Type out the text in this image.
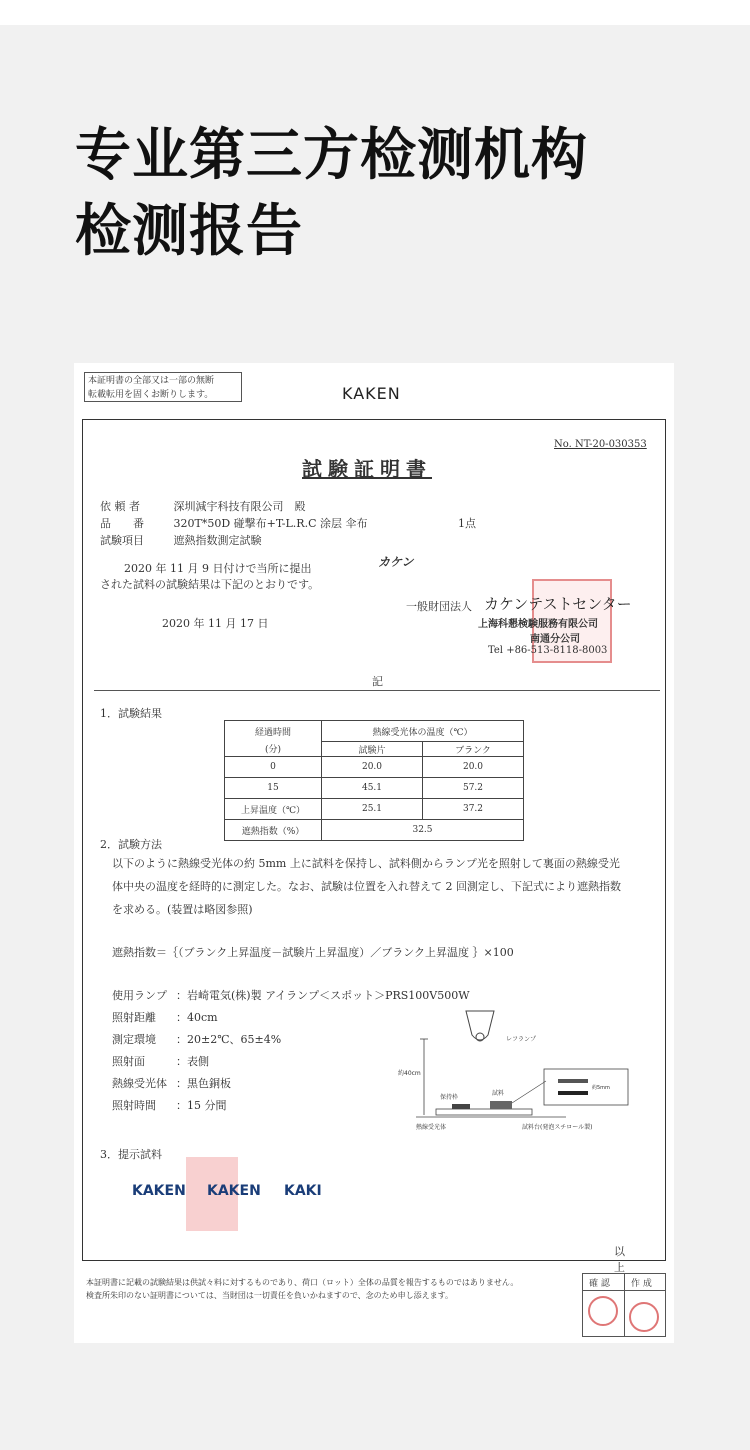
专业第三方检测机构
检测报告
本証明書の全部又は一部の無断
転載転用を固くお断りします。	KAKEN
No. NT-20-030353
試験証明書
依 頼 者	深圳減宇科技有限公司　殿
品　　番	320T*50D 碰撃布+T-L.R.C 涂层 伞布	1点
試験項目	遮熱指数測定試験
2020 年 11 月 9 日付けで当所に提出
された試料の試験結果は下記のとおりです。
カケン
一般財団法人 カケンテストセンター
2020 年 11 月 17 日	上海科懇検験服務有限公司
南通分公司
Tel +86-513-8118-8003
記
1．試験結果
経過時間	熱線受光体の温度（℃）	
(分)	試験片	ブランク
0	20.0	20.0
15	45.1	57.2
上昇温度（℃）	25.1	37.2
遮熱指数（%）	32.5	
2．試験方法
以下のように熱線受光体の約 5mm 上に試料を保持し、試料側からランプ光を照射して裏面の熱線受光
体中央の温度を経時的に測定した。なお、試験は位置を入れ替えて 2 回測定し、下記式により遮熱指数
を求める。(装置は略図参照)
遮熱指数＝｛（ブランク上昇温度－試験片上昇温度）／ブランク上昇温度 ｝×100
使用ランプ ：岩崎電気(株)製 アイランプ＜スポット＞PRS100V500W
照射距離 ：40cm
測定環境 ：20±2℃、65±4%
照射面	：表側
熱線受光体 ：黒色銅板
照射時間 ：15 分間
レフランプ
約40cm
保持枠
試料
約5mm
熱線受光体	試料台(発泡スチロール製)
3．提示試料
KAKEN KAKEN KAKI
以上
本証明書に記載の試験結果は供試々料に対するものであり、荷口（ロット）全体の品質を報告するものではありません。
検査所朱印のない証明書については、当財団は一切責任を負いかねますので、念のため申し添えます。
確 認 作 成
